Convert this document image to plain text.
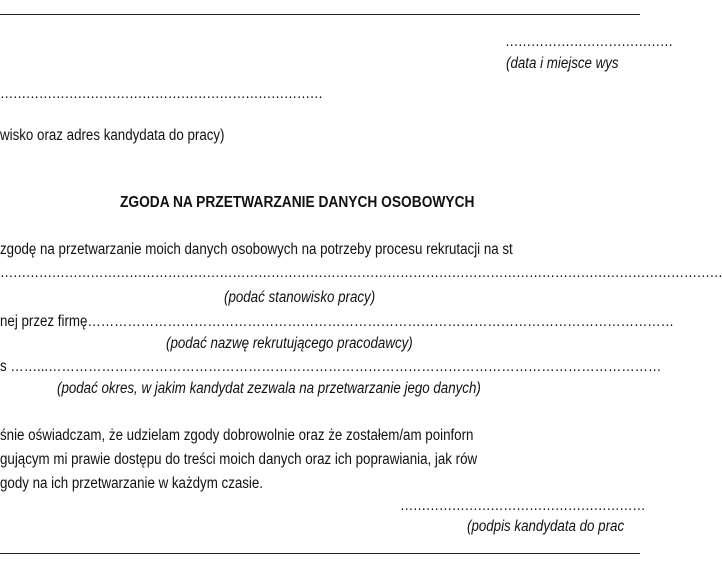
…………………………………
(data i miejsce wys
…………………………………………………………………
wisko oraz adres kandydata do pracy)
ZGODA NA PRZETWARZANIE DANYCH OSOBOWYCH
zgodę na przetwarzanie moich danych osobowych na potrzeby procesu rekrutacji na st
……………………………………………………………………………………………………………………………………………………
(podać stanowisko pracy)
nej przez firmę……………………………………………………………………………………………………………………
(podać nazwę rekrutującego pracodawcy)
s ……...…………………………………………………………………………………………………………………………
(podać okres, w jakim kandydat zezwala na przetwarzanie jego danych)
śnie oświadczam, że udzielam zgody dobrowolnie oraz że zostałem/am poinforn
gującym mi prawie dostępu do treści moich danych oraz ich poprawiania, jak rów
gody na ich przetwarzanie w każdym czasie.
…………………………………………………
(podpis kandydata do prac
